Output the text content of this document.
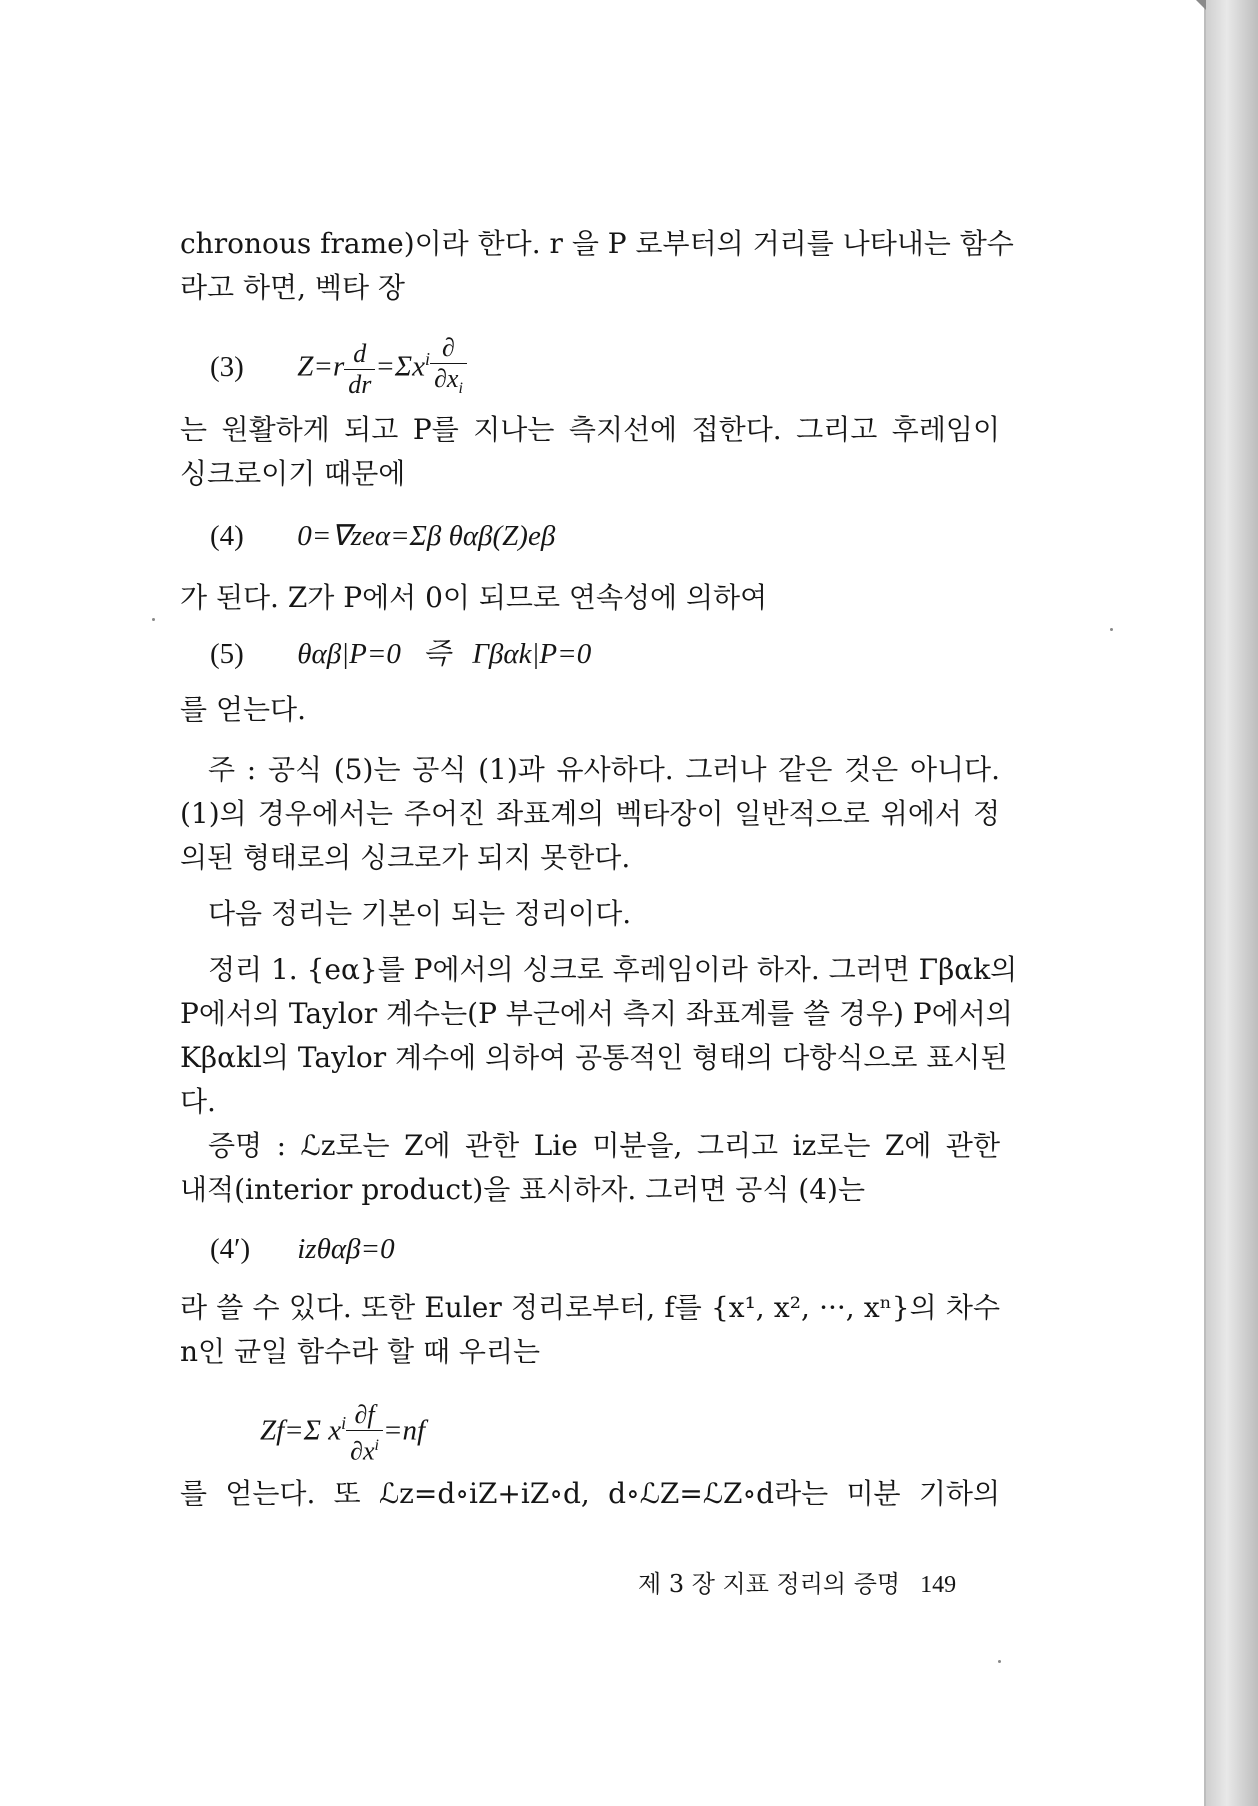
chronous frame)이라 한다. r 을 P 로부터의 거리를 나타내는 함수

라고 하면, 벡타 장

(3) $Z=r \frac{d}{dr} =\Sigma x^i \frac{\partial}{\partial x_i}$

는 원활하게 되고 P를 지나는 측지선에 접한다. 그리고 후레임이

싱크로이기 때문에

(4) 0=∇zeα=Σβ θαβ(Z)eβ

가 된다. Z가 P에서 0이 되므로 연속성에 의하여

(5) θαβ|P=0   즉   Γβαk|P=0

를 얻는다.

주 : 공식 (5)는 공식 (1)과 유사하다. 그러나 같은 것은 아니다.

(1)의 경우에서는 주어진 좌표계의 벡타장이 일반적으로 위에서 정

의된 형태로의 싱크로가 되지 못한다.

다음 정리는 기본이 되는 정리이다.

정리 1. {eα}를 P에서의 싱크로 후레임이라 하자. 그러면 Γβαk의

P에서의 Taylor 계수는(P 부근에서 측지 좌표계를 쓸 경우) P에서의

Kβαkl의 Taylor 계수에 의하여 공통적인 형태의 다항식으로 표시된

다.

증명 : ℒz로는 Z에 관한 Lie 미분을, 그리고 iz로는 Z에 관한

내적(interior product)을 표시하자. 그러면 공식 (4)는

(4′) izθαβ=0

라 쓸 수 있다. 또한 Euler 정리로부터, f를 {x¹, x², ···, xⁿ}의 차수

n인 균일 함수라 할 때 우리는

Zf=Σ $x^i \frac{\partial f}{\partial x^i} =nf$

를 얻는다. 또 ℒz=d∘iZ+iZ∘d, d∘ℒZ=ℒZ∘d라는 미분 기하의

제 3 장 지표 정리의 증명 149
